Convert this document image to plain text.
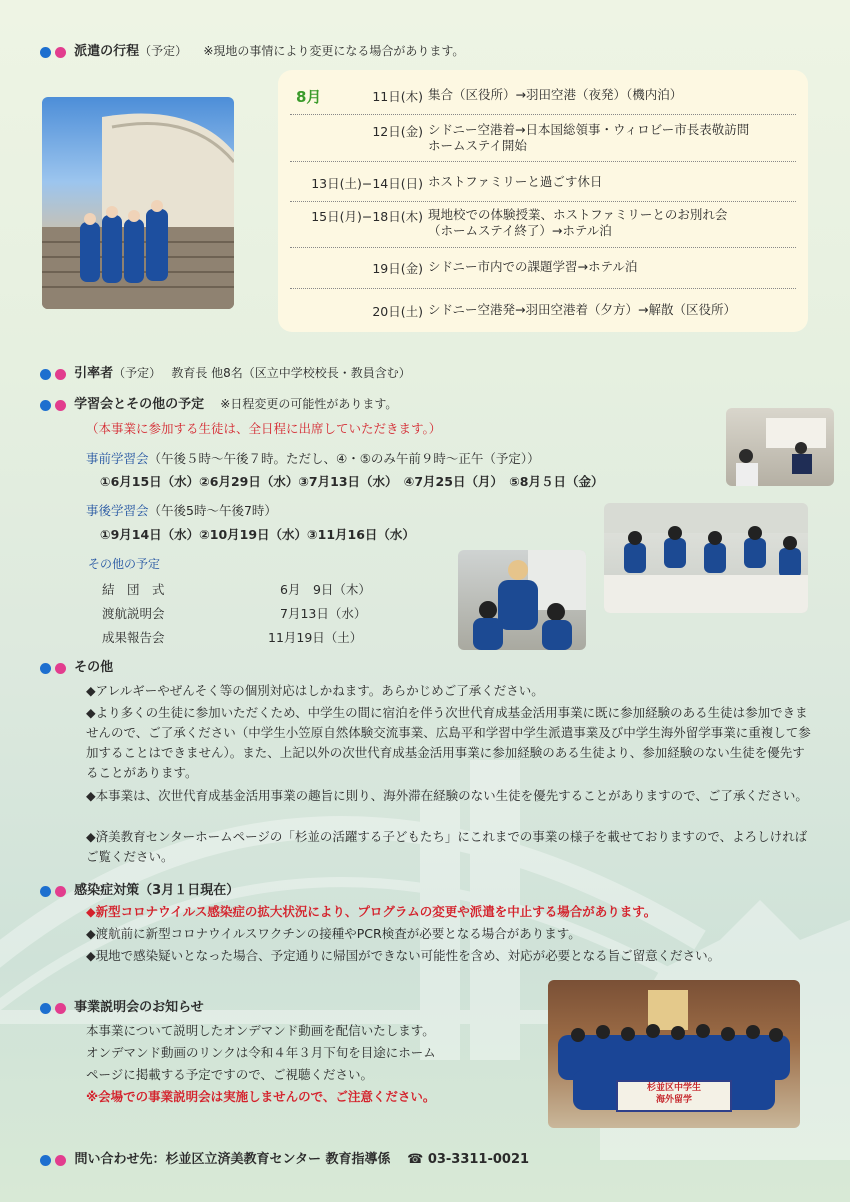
派遣の行程（予定） ※現地の事情により変更になる場合があります。
8月	11日(木) 集合（区役所）→羽田空港（夜発）（機内泊）
12日(金) シドニー空港着→日本国総領事・ウィロビー市長表敬訪問
ホームステイ開始
13日(土)−14日(日) ホストファミリーと過ごす休日
15日(月)−18日(木) 現地校での体験授業、ホストファミリーとのお別れ会
（ホームステイ終了）→ホテル泊
19日(金) シドニー市内での課題学習→ホテル泊
20日(土) シドニー空港発→羽田空港着（夕方）→解散（区役所）
引率者（予定） 教育長 他8名（区立中学校校長・教員含む）
学習会とその他の予定 ※日程変更の可能性があります。
（本事業に参加する生徒は、全日程に出席していただきます。）
事前学習会（午後５時〜午後７時。ただし、④・⑤のみ午前９時〜正午（予定））
①6月15日（水）②6月29日（水）③7月13日（水）　④7月25日（月）　⑤8月５日（金）
事後学習会（午後5時〜午後7時）
①9月14日（水）②10月19日（水）③11月16日（水）
その他の予定
結　団　式	6月　9日（木）
渡航説明会	7月13日（水）
成果報告会	11月19日（土）
その他
◆アレルギーやぜんそく等の個別対応はしかねます。あらかじめご了承ください。
◆より多くの生徒に参加いただくため、中学生の間に宿泊を伴う次世代育成基金活用事業に既に参加経験のある生徒は参加できませんので、ご了承ください（中学生小笠原自然体験交流事業、広島平和学習中学生派遣事業及び中学生海外留学事業に重複して参加することはできません）。また、上記以外の次世代育成基金活用事業に参加経験のある生徒より、参加経験のない生徒を優先することがあります。
◆本事業は、次世代育成基金活用事業の趣旨に則り、海外滞在経験のない生徒を優先することがありますので、ご了承ください。
◆済美教育センターホームページの「杉並の活躍する子どもたち」にこれまでの事業の様子を載せておりますので、よろしければご覧ください。
感染症対策（3月１日現在）
◆新型コロナウイルス感染症の拡大状況により、プログラムの変更や派遣を中止する場合があります。
◆渡航前に新型コロナウイルスワクチンの接種やPCR検査が必要となる場合があります。
◆現地で感染疑いとなった場合、予定通りに帰国ができない可能性を含め、対応が必要となる旨ご留意ください。
事業説明会のお知らせ
本事業について説明したオンデマンド動画を配信いたします。
オンデマンド動画のリンクは令和４年３月下旬を目途にホーム
ページに掲載する予定ですので、ご視聴ください。
※会場での事業説明会は実施しませんので、ご注意ください。
杉並区中学生
海外留学
問い合わせ先：杉並区立済美教育センター 教育指導係 ☎ 03-3311-0021
